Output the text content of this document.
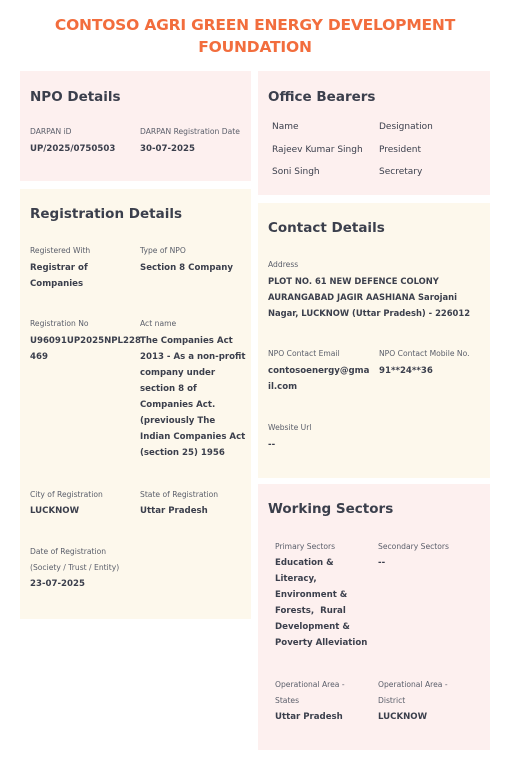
CONTOSO AGRI GREEN ENERGY DEVELOPMENT
FOUNDATION
NPO Details
DARPAN iD
UP/2025/0750503
DARPAN Registration Date
30-07-2025
Registration Details
Registered With
Registrar of
Companies
Type of NPO
Section 8 Company
Registration No
U96091UP2025NPL228
469
Act name
The Companies Act
2013 - As a non-profit
company under
section 8 of
Companies Act.
(previously The
Indian Companies Act
(section 25) 1956
City of Registration
LUCKNOW
State of Registration
Uttar Pradesh
Date of Registration
(Society / Trust / Entity)
23-07-2025
Office Bearers
Name	Designation
Rajeev Kumar Singh President
Soni Singh	Secretary
Contact Details
Address
PLOT NO. 61 NEW DEFENCE COLONY
AURANGABAD JAGIR AASHIANA Sarojani
Nagar, LUCKNOW (Uttar Pradesh) - 226012
NPO Contact Email
contosoenergy@gma
il.com
NPO Contact Mobile No.
91**24**36
Website Url
--
Working Sectors
Primary Sectors
Education &
Literacy,
Environment &
Forests,  Rural
Development &
Poverty Alleviation
Secondary Sectors
--
Operational Area -
States
Uttar Pradesh
Operational Area -
District
LUCKNOW
